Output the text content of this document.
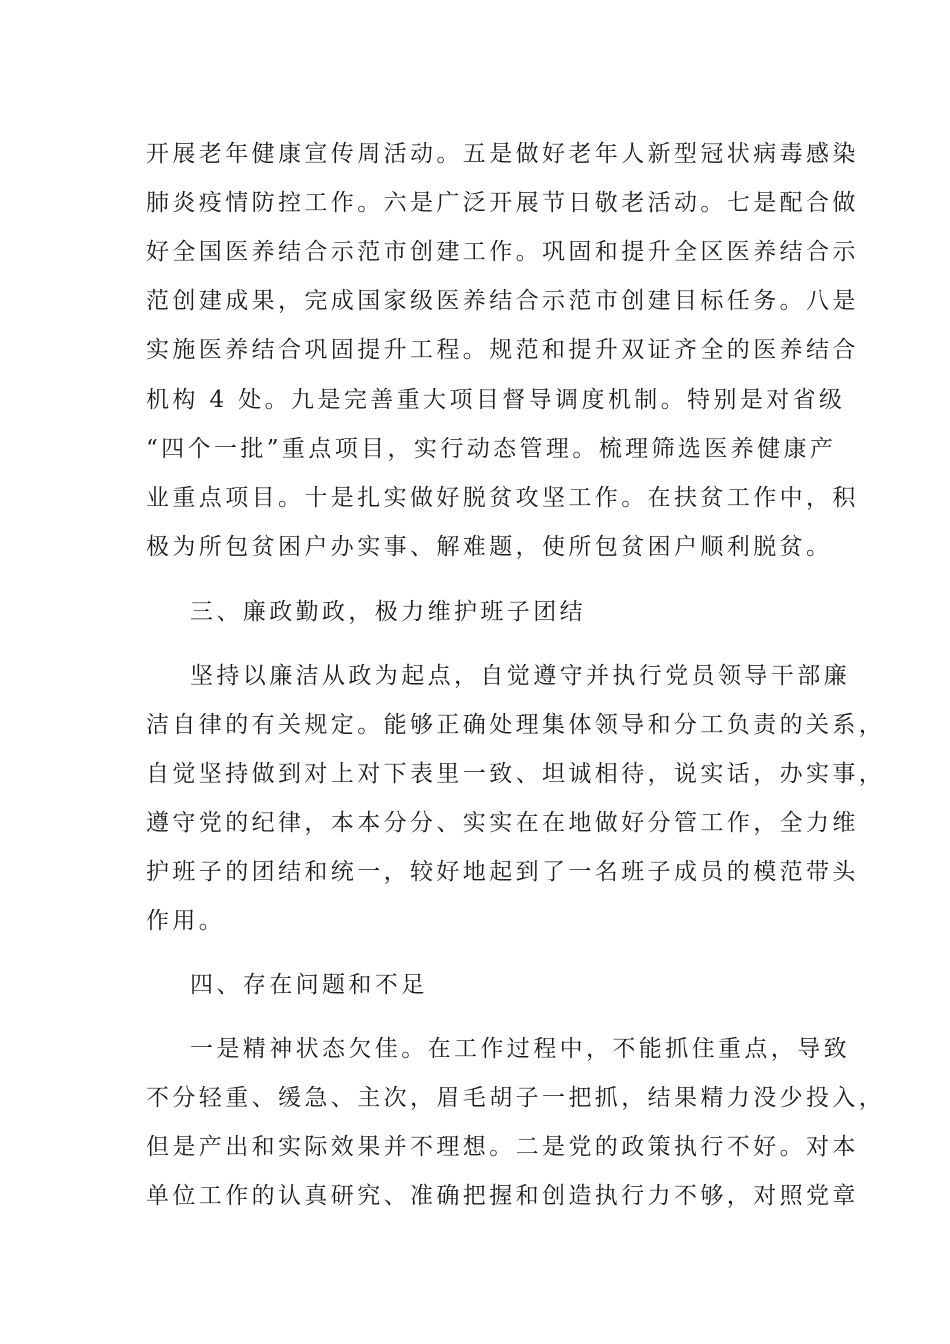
开展老年健康宣传周活动。五是做好老年人新型冠状病毒感染
肺炎疫情防控工作。六是广泛开展节日敬老活动。七是配合做
好全国医养结合示范市创建工作。巩固和提升全区医养结合示
范创建成果，完成国家级医养结合示范市创建目标任务。八是
实施医养结合巩固提升工程。规范和提升双证齐全的医养结合
机构 4 处。九是完善重大项目督导调度机制。特别是对省级
“四个一批”重点项目，实行动态管理。梳理筛选医养健康产
业重点项目。十是扎实做好脱贫攻坚工作。在扶贫工作中，积
极为所包贫困户办实事、解难题，使所包贫困户顺利脱贫。
三、廉政勤政，极力维护班子团结
坚持以廉洁从政为起点，自觉遵守并执行党员领导干部廉
洁自律的有关规定。能够正确处理集体领导和分工负责的关系，
自觉坚持做到对上对下表里一致、坦诚相待，说实话，办实事，
遵守党的纪律，本本分分、实实在在地做好分管工作，全力维
护班子的团结和统一，较好地起到了一名班子成员的模范带头
作用。
四、存在问题和不足
一是精神状态欠佳。在工作过程中，不能抓住重点，导致
不分轻重、缓急、主次，眉毛胡子一把抓，结果精力没少投入，
但是产出和实际效果并不理想。二是党的政策执行不好。对本
单位工作的认真研究、准确把握和创造执行力不够，对照党章
